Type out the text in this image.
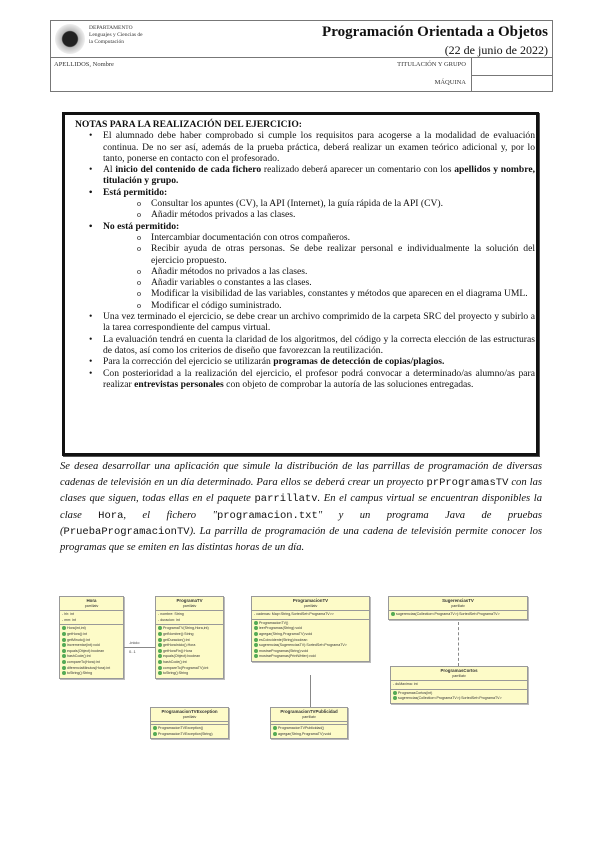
DEPARTAMENTO
Lenguajes y Ciencias de
la Computación
Programación Orientada a Objetos
(22 de junio de 2022)
APELLIDOS, Nombre	TITULACIÓN Y GRUPO
MÁQUINA
NOTAS PARA LA REALIZACIÓN DEL EJERCICIO:
• El alumnado debe haber comprobado si cumple los requisitos para acogerse a la modalidad de evaluación continua. De no ser así, además de la prueba práctica, deberá realizar un examen teórico adicional y, por lo tanto, ponerse en contacto con el profesorado.
• Al inicio del contenido de cada fichero realizado deberá aparecer un comentario con los apellidos y nombre, titulación y grupo.
• Está permitido:
o Consultar los apuntes (CV), la API (Internet), la guía rápida de la API (CV).
o Añadir métodos privados a las clases.
• No está permitido:
o Intercambiar documentación con otros compañeros.
o Recibir ayuda de otras personas. Se debe realizar personal e individualmente la solución del ejercicio propuesto.
o Añadir métodos no privados a las clases.
o Añadir variables o constantes a las clases.
o Modificar la visibilidad de las variables, constantes y métodos que aparecen en el diagrama UML.
o Modificar el código suministrado.
• Una vez terminado el ejercicio, se debe crear un archivo comprimido de la carpeta SRC del proyecto y subirlo a la tarea correspondiente del campus virtual.
• La evaluación tendrá en cuenta la claridad de los algoritmos, del código y la correcta elección de las estructuras de datos, así como los criterios de diseño que favorezcan la reutilización.
• Para la corrección del ejercicio se utilizarán programas de detección de copias/plagios.
• Con posterioridad a la realización del ejercicio, el profesor podrá convocar a determinado/as alumno/as para realizar entrevistas personales con objeto de comprobar la autoría de las soluciones entregadas.
Se desea desarrollar una aplicación que simule la distribución de las parrillas de programación de diversas cadenas de televisión en un día determinado. Para ellos se deberá crear un proyecto prProgramasTV con las clases que siguen, todas ellas en el paquete parrillatv. En el campus virtual se encuentran disponibles la clase Hora, el fichero "programacion.txt" y un programa Java de pruebas (PruebaProgramacionTV). La parrilla de programación de una cadena de televisión permite conocer los programas que se emiten en las distintas horas de un día.
Hora
parrillatv
- hh: int
- mm: int
Hora(int,int)
getHora():int
getMinuto():int
incrementar(int):void
equals(Object):boolean
hashCode():int
compareTo(Hora):int
diferenciaMinutos(Hora):int
toString():String
ProgramaTV
parrillatv
- nombre: String
- duracion: int
ProgramaTV(String,Hora,int)
getNombre():String
getDuracion():int
getHoraInicio():Hora
getHoraFin():Hora
equals(Object):boolean
hashCode():int
compareTo(ProgramaTV):int
toString():String
ProgramacionTV
parrillatv
- cadenas: Map<String,SortedSet<ProgramaTV>>
ProgramacionTV()
leerProgramas(String):void
agregar(String,ProgramaTV):void
esCoincidente(String):boolean
sugerencias(SugerenciasTV):SortedSet<ProgramaTV>
mostrarProgramas(String):void
mostrarProgramas(PrintWriter):void
SugerenciasTV
parrillatv
sugerencias(Collection<ProgramaTV>):SortedSet<ProgramaTV>
ProgramasCortos
parrillatv
- duMaxima: int
ProgramasCortos(int)
sugerencias(Collection<ProgramaTV>):SortedSet<ProgramaTV>
ProgramacionTVException
parrillatv
ProgramacionTVException()
ProgramacionTVException(String)
ProgramacionTVPublicidad
parrillatv
ProgramacionTVPublicidad()
agregar(String,ProgramaTV):void
-inicio
0..1
